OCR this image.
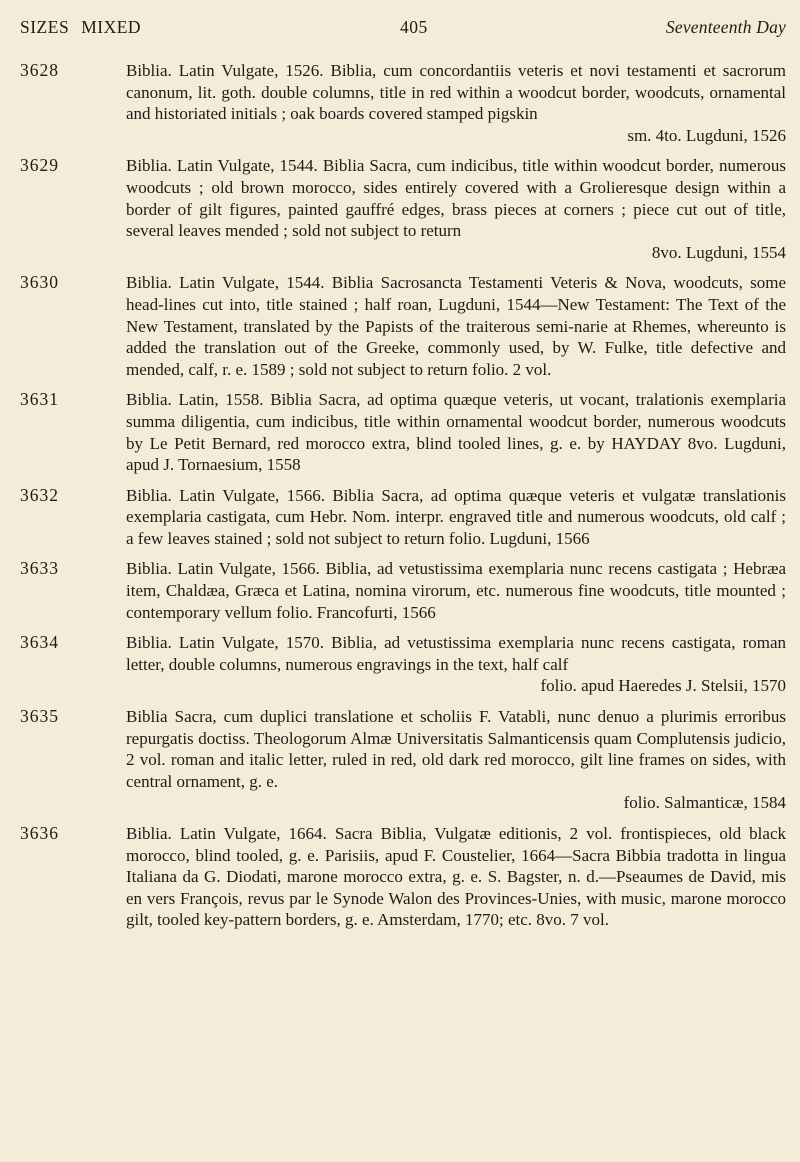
SIZES MIXED	405	Seventeenth Day
3628	Biblia. Latin Vulgate, 1526. Biblia, cum concordantiis veteris et novi testamenti et sacrorum canonum, lit. goth. double columns, title in red within a woodcut border, woodcuts, ornamental and historiated initials ; oak boards covered stamped pigskin

sm. 4to. Lugduni, 1526
3629	Biblia. Latin Vulgate, 1544. Biblia Sacra, cum indicibus, title within woodcut border, numerous woodcuts ; old brown morocco, sides entirely covered with a Grolieresque design within a border of gilt figures, painted gauffré edges, brass pieces at corners ; piece cut out of title, several leaves mended ; sold not subject to return

8vo. Lugduni, 1554
3630	Biblia. Latin Vulgate, 1544. Biblia Sacrosancta Testamenti Veteris & Nova, woodcuts, some head-lines cut into, title stained ; half roan, Lugduni, 1544—New Testament: The Text of the New Testament, translated by the Papists of the traiterous semi-narie at Rhemes, whereunto is added the translation out of the Greeke, commonly used, by W. Fulke, title defective and mended, calf, r. e. 1589 ; sold not subject to return folio. 2 vol.

3631	Biblia. Latin, 1558. Biblia Sacra, ad optima quæque veteris, ut vocant, tralationis exemplaria summa diligentia, cum indicibus, title within ornamental woodcut border, numerous woodcuts by Le Petit Bernard, red morocco extra, blind tooled lines, g. e. by HAYDAY 8vo. Lugduni, apud J. Tornaesium, 1558

3632	Biblia. Latin Vulgate, 1566. Biblia Sacra, ad optima quæque veteris et vulgatæ translationis exemplaria castigata, cum Hebr. Nom. interpr. engraved title and numerous woodcuts, old calf ; a few leaves stained ; sold not subject to return folio. Lugduni, 1566

3633	Biblia. Latin Vulgate, 1566. Biblia, ad vetustissima exemplaria nunc recens castigata ; Hebræa item, Chaldæa, Græca et Latina, nomina virorum, etc. numerous fine woodcuts, title mounted ; contemporary vellum folio. Francofurti, 1566

3634	Biblia. Latin Vulgate, 1570. Biblia, ad vetustissima exemplaria nunc recens castigata, roman letter, double columns, numerous engravings in the text, half calf

folio. apud Haeredes J. Stelsii, 1570
3635	Biblia Sacra, cum duplici translatione et scholiis F. Vatabli, nunc denuo a plurimis erroribus repurgatis doctiss. Theologorum Almæ Universitatis Salmanticensis quam Complutensis judicio, 2 vol. roman and italic letter, ruled in red, old dark red morocco, gilt line frames on sides, with central ornament, g. e.

folio. Salmanticæ, 1584
3636	Biblia. Latin Vulgate, 1664. Sacra Biblia, Vulgatæ editionis, 2 vol. frontispieces, old black morocco, blind tooled, g. e. Parisiis, apud F. Coustelier, 1664—Sacra Bibbia tradotta in lingua Italiana da G. Diodati, marone morocco extra, g. e. S. Bagster, n. d.—Pseaumes de David, mis en vers François, revus par le Synode Walon des Provinces-Unies, with music, marone morocco gilt, tooled key-pattern borders, g. e. Amsterdam, 1770; etc. 8vo. 7 vol.
